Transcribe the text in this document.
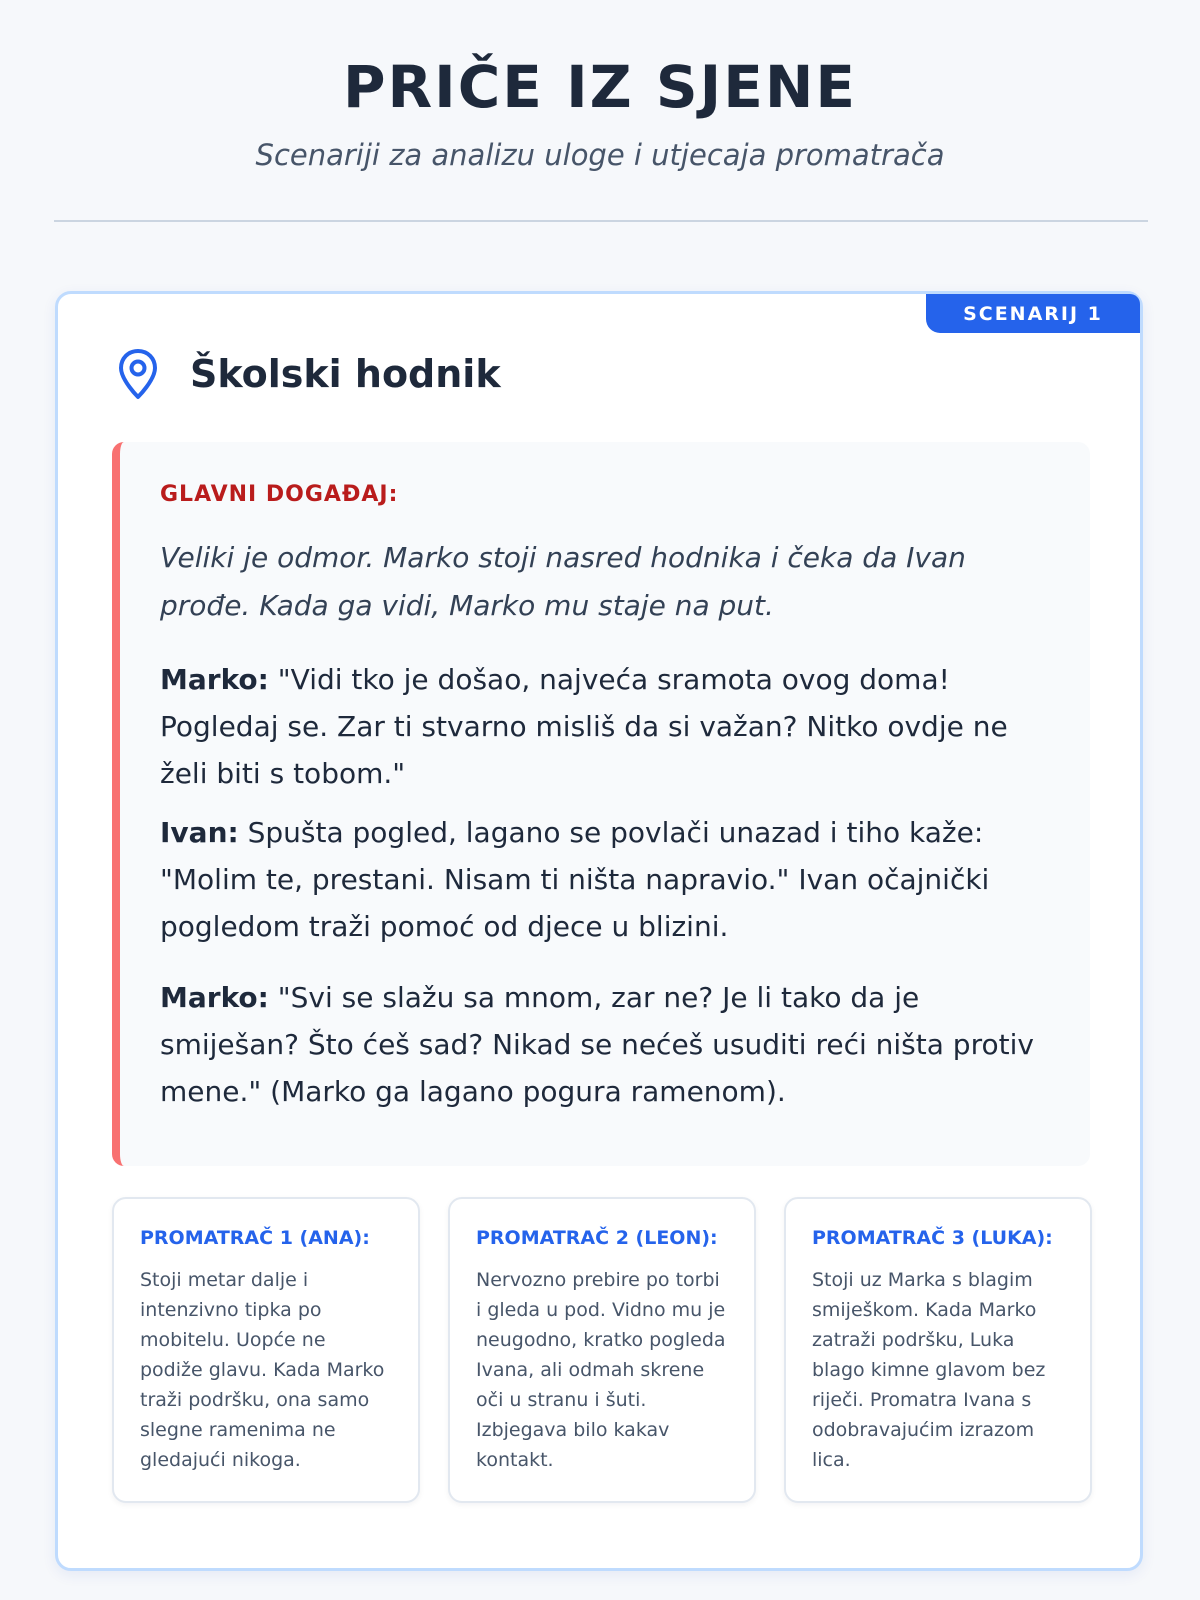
PRIČE IZ SJENE
Scenariji za analizu uloge i utjecaja promatrača
SCENARIJ 1
Školski hodnik
GLAVNI DOGAĐAJ:
Veliki je odmor. Marko stoji nasred hodnika i čeka da Ivan prođe. Kada ga vidi, Marko mu staje na put.

Marko: "Vidi tko je došao, najveća sramota ovog doma! Pogledaj se. Zar ti stvarno misliš da si važan? Nitko ovdje ne želi biti s tobom."

Ivan: Spušta pogled, lagano se povlači unazad i tiho kaže: "Molim te, prestani. Nisam ti ništa napravio." Ivan očajnički pogledom traži pomoć od djece u blizini.

Marko: "Svi se slažu sa mnom, zar ne? Je li tako da je smiješan? Što ćeš sad? Nikad se nećeš usuditi reći ništa protiv mene." (Marko ga lagano pogura ramenom).

PROMATRAČ 1 (ANA):
Stoji metar dalje i intenzivno tipka po mobitelu. Uopće ne podiže glavu. Kada Marko traži podršku, ona samo slegne ramenima ne gledajući nikoga.
PROMATRAČ 2 (LEON):
Nervozno prebire po torbi i gleda u pod. Vidno mu je neugodno, kratko pogleda Ivana, ali odmah skrene oči u stranu i šuti. Izbjegava bilo kakav kontakt.
PROMATRAČ 3 (LUKA):
Stoji uz Marka s blagim smiješkom. Kada Marko zatraži podršku, Luka blago kimne glavom bez riječi. Promatra Ivana s odobravajućim izrazom lica.
